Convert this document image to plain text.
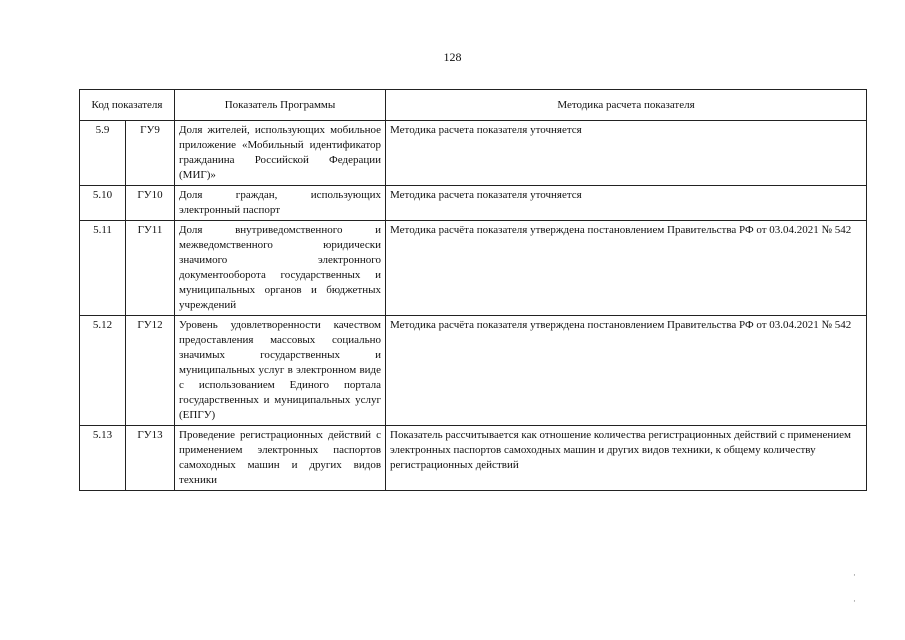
128
Код показателя		Показатель Программы	Методика расчета показателя
5.9	ГУ9	Доля жителей, использующих мобильное приложение «Мобильный идентификатор гражданина Российской Федерации (МИГ)»	Методика расчета показателя уточняется
5.10	ГУ10	Доля граждан, использующих электронный паспорт	Методика расчета показателя уточняется
5.11	ГУ11	Доля внутриведомственного и межведомственного юридически значимого электронного документооборота государственных и муниципальных органов и бюджетных учреждений	Методика расчёта показателя утверждена постановлением Правительства РФ от 03.04.2021 № 542
5.12	ГУ12	Уровень удовлетворенности качеством предоставления массовых социально значимых государственных и муниципальных услуг в электронном виде с использованием Единого портала государственных и муниципальных услуг (ЕПГУ)	Методика расчёта показателя утверждена постановлением Правительства РФ от 03.04.2021 № 542
5.13	ГУ13	Проведение регистрационных действий с применением электронных паспортов самоходных машин и других видов техники	Показатель рассчитывается как отношение количества регистрационных действий с применением электронных паспортов самоходных машин и других видов техники, к общему количеству регистрационных действий
·
·
